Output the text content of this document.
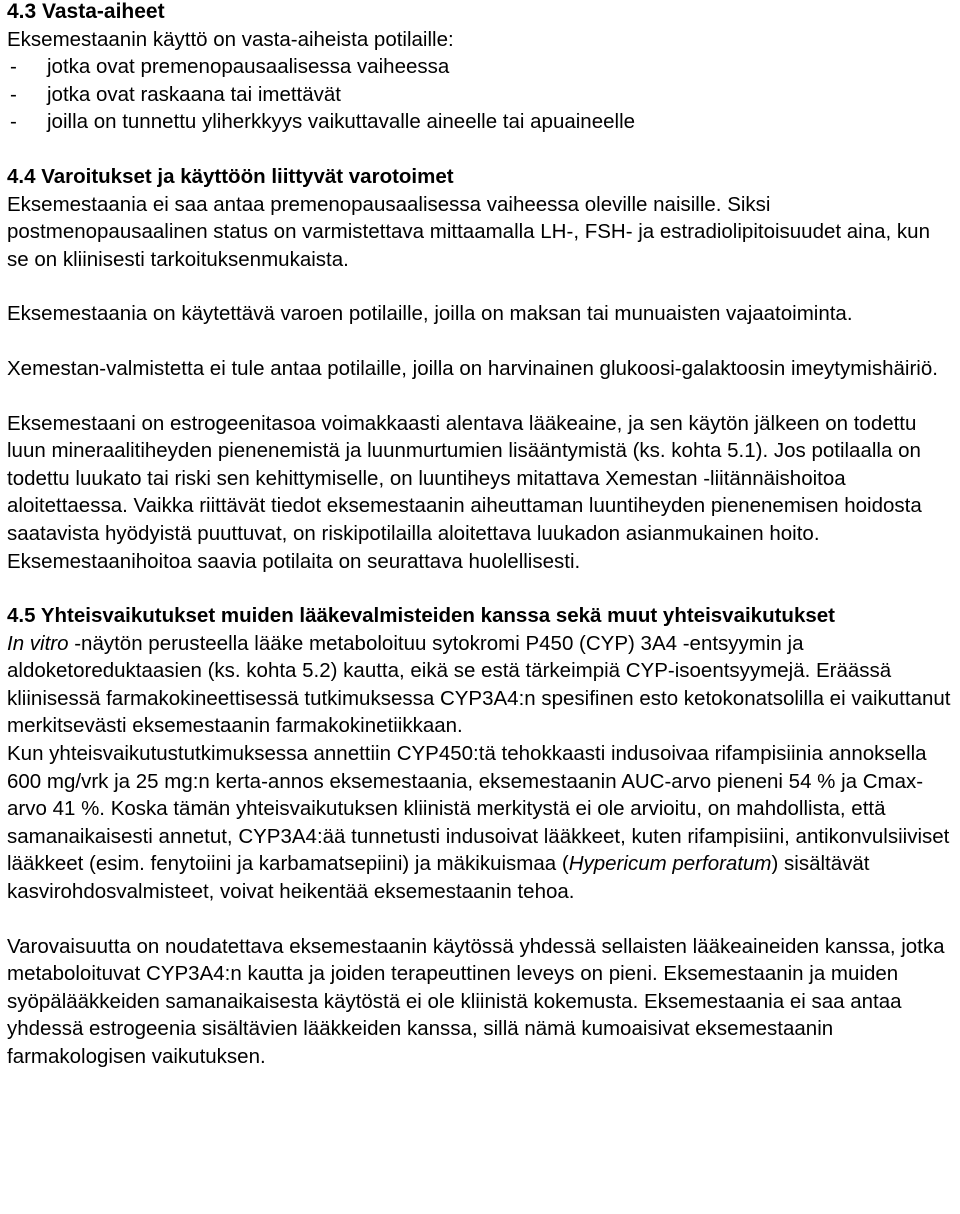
4.3 Vasta-aiheet

Eksemestaanin käyttö on vasta-aiheista potilaille:

- jotka ovat premenopausaalisessa vaiheessa
- jotka ovat raskaana tai imettävät
- joilla on tunnettu yliherkkyys vaikuttavalle aineelle tai apuaineelle
4.4 Varoitukset ja käyttöön liittyvät varotoimet

Eksemestaania ei saa antaa premenopausaalisessa vaiheessa oleville naisille. Siksi postmenopausaalinen status on varmistettava mittaamalla LH-, FSH- ja estradiolipitoisuudet aina, kun se on kliinisesti tarkoituksenmukaista.

Eksemestaania on käytettävä varoen potilaille, joilla on maksan tai munuaisten vajaatoiminta.

Xemestan-valmistetta ei tule antaa potilaille, joilla on harvinainen glukoosi-galaktoosin imeytymishäiriö.

Eksemestaani on estrogeenitasoa voimakkaasti alentava lääkeaine, ja sen käytön jälkeen on todettu luun mineraalitiheyden pienenemistä ja luunmurtumien lisääntymistä (ks. kohta 5.1). Jos potilaalla on todettu luukato tai riski sen kehittymiselle, on luuntiheys mitattava Xemestan -liitännäishoitoa aloitettaessa. Vaikka riittävät tiedot eksemestaanin aiheuttaman luuntiheyden pienenemisen hoidosta saatavista hyödyistä puuttuvat, on riskipotilailla aloitettava luukadon asianmukainen hoito. Eksemestaanihoitoa saavia potilaita on seurattava huolellisesti.

4.5 Yhteisvaikutukset muiden lääkevalmisteiden kanssa sekä muut yhteisvaikutukset

In vitro -näytön perusteella lääke metaboloituu sytokromi P450 (CYP) 3A4 -entsyymin ja aldoketoreduktaasien (ks. kohta 5.2) kautta, eikä se estä tärkeimpiä CYP-isoentsyymejä. Eräässä kliinisessä farmakokineettisessä tutkimuksessa CYP3A4:n spesifinen esto ketokonatsolilla ei vaikuttanut merkitsevästi eksemestaanin farmakokinetiikkaan.

Kun yhteisvaikutustutkimuksessa annettiin CYP450:tä tehokkaasti indusoivaa rifampisiinia annoksella 600 mg/vrk ja 25 mg:n kerta-annos eksemestaania, eksemestaanin AUC-arvo pieneni 54 % ja Cmax-arvo 41 %. Koska tämän yhteisvaikutuksen kliinistä merkitystä ei ole arvioitu, on mahdollista, että samanaikaisesti annetut, CYP3A4:ää tunnetusti indusoivat lääkkeet, kuten rifampisiini, antikonvulsiiviset lääkkeet (esim. fenytoiini ja karbamatsepiini) ja mäkikuismaa (Hypericum perforatum) sisältävät kasvirohdosvalmisteet, voivat heikentää eksemestaanin tehoa.

Varovaisuutta on noudatettava eksemestaanin käytössä yhdessä sellaisten lääkeaineiden kanssa, jotka metaboloituvat CYP3A4:n kautta ja joiden terapeuttinen leveys on pieni. Eksemestaanin ja muiden syöpälääkkeiden samanaikaisesta käytöstä ei ole kliinistä kokemusta. Eksemestaania ei saa antaa yhdessä estrogeenia sisältävien lääkkeiden kanssa, sillä nämä kumoaisivat eksemestaanin farmakologisen vaikutuksen.
